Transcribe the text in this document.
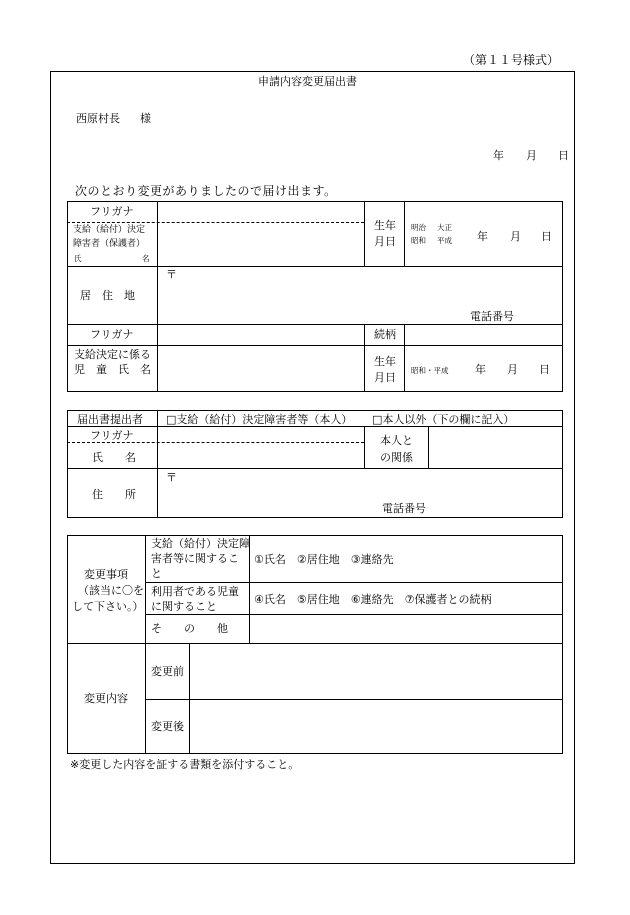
（第１１号様式）
申請内容変更届出書
西原村長 様
年 月 日
次のとおり変更がありましたので届け出ます。
フリガナ
支給（給付）決定
障害者（保護者）
氏	名
生年
月日
明治 大正
昭和 平成 年 月 日
居　住　地
〒
電話番号
フリガナ	続柄
支給決定に係る
児　童　氏　名
生年
月日
昭和・平成 年 月 日
届出書提出者 □支給（給付）決定障害者等（本人） □本人以外（下の欄に記入）
フリガナ
氏　　名
本人と
の関係
住　　所
〒
電話番号
変更事項
（該当に〇を
して下さい。）
支給（給付）決定障
害者等に関するこ
と
①氏名　②居住地　③連絡先
利用者である児童
に関すること
④氏名　⑤居住地　⑥連絡先　⑦保護者との続柄
そ　　の　　他
変更内容
変更前
変更後
※変更した内容を証する書類を添付すること。
